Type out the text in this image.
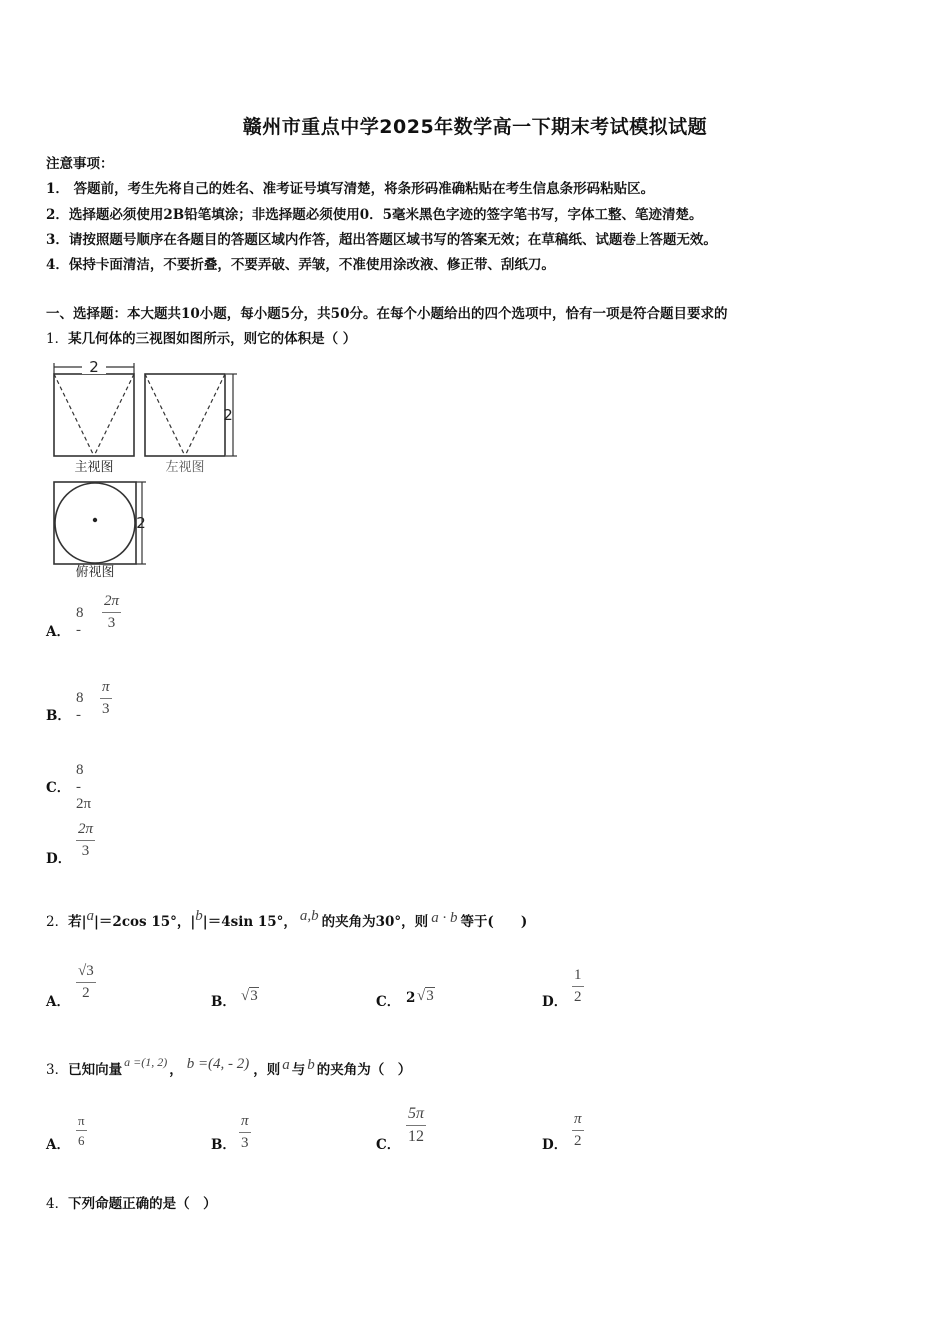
赣州市重点中学2025年数学高一下期末考试模拟试题
注意事项：
1． 答题前，考生先将自己的姓名、准考证号填写清楚，将条形码准确粘贴在考生信息条形码粘贴区。
2．选择题必须使用2B铅笔填涂；非选择题必须使用0．5毫米黑色字迹的签字笔书写，字体工整、笔迹清楚。
3．请按照题号顺序在各题目的答题区域内作答，超出答题区域书写的答案无效；在草稿纸、试题卷上答题无效。
4．保持卡面清洁，不要折叠，不要弄破、弄皱，不准使用涂改液、修正带、刮纸刀。
一、选择题：本大题共10小题，每小题5分，共50分。在每个小题给出的四个选项中，恰有一项是符合题目要求的
1．某几何体的三视图如图所示，则它的体积是（ ）
2
2
2
主视图	左视图
俯视图
A．
$8 - \frac{2\pi}{3}$
B．
$8 - \frac{\pi}{3}$
C．
8 - 2π
D． $\frac{2\pi}{3}$
2．若|a|＝2cos 15°，|b|＝4sin 15°， a,b 的夹角为30°，则 a · b 等于(　　)
A．
$\frac{√3}{2}$
B． √3	C． 2 √3	D． $\frac{1}{2}$
3．已知向量 a =(1, 2) ， b =(4, - 2) ，则 a 与 b 的夹角为（　）
A． $\frac{\pi}{6}$	B． $\frac{\pi}{3}$	C． $\frac{5\pi}{12}$	D． $\frac{\pi}{2}$
4．下列命题正确的是（　）
